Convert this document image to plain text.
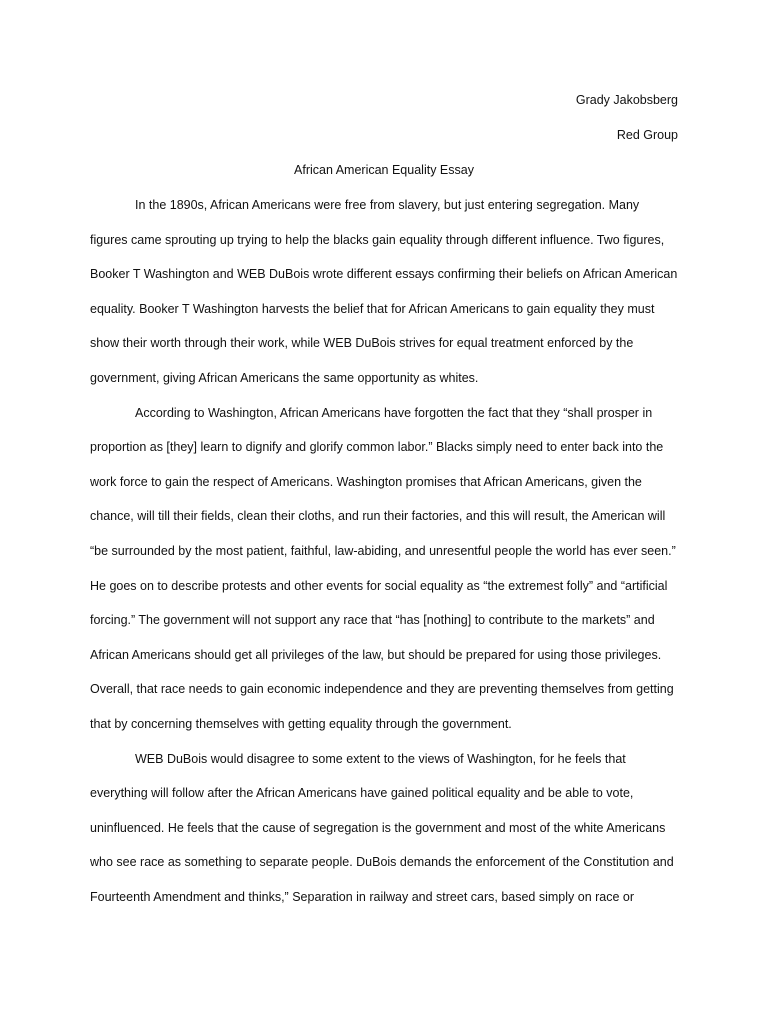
Grady Jakobsberg
Red Group
African American Equality Essay

In the 1890s, African Americans were free from slavery, but just entering segregation. Many figures came sprouting up trying to help the blacks gain equality through different influence. Two figures, Booker T Washington and WEB DuBois wrote different essays confirming their beliefs on African American equality. Booker T Washington harvests the belief that for African Americans to gain equality they must show their worth through their work, while WEB DuBois strives for equal treatment enforced by the government, giving African Americans the same opportunity as whites.

According to Washington, African Americans have forgotten the fact that they “shall prosper in proportion as [they] learn to dignify and glorify common labor.” Blacks simply need to enter back into the work force to gain the respect of Americans. Washington promises that African Americans, given the chance, will till their fields, clean their cloths, and run their factories, and this will result, the American will “be surrounded by the most patient, faithful, law-abiding, and unresentful people the world has ever seen.” He goes on to describe protests and other events for social equality as “the extremest folly” and “artificial forcing.” The government will not support any race that “has [nothing] to contribute to the markets” and African Americans should get all privileges of the law, but should be prepared for using those privileges. Overall, that race needs to gain economic independence and they are preventing themselves from getting that by concerning themselves with getting equality through the government.

WEB DuBois would disagree to some extent to the views of Washington, for he feels that everything will follow after the African Americans have gained political equality and be able to vote, uninfluenced. He feels that the cause of segregation is the government and most of the white Americans who see race as something to separate people. DuBois demands the enforcement of the Constitution and Fourteenth Amendment and thinks,” Separation in railway and street cars, based simply on race or
